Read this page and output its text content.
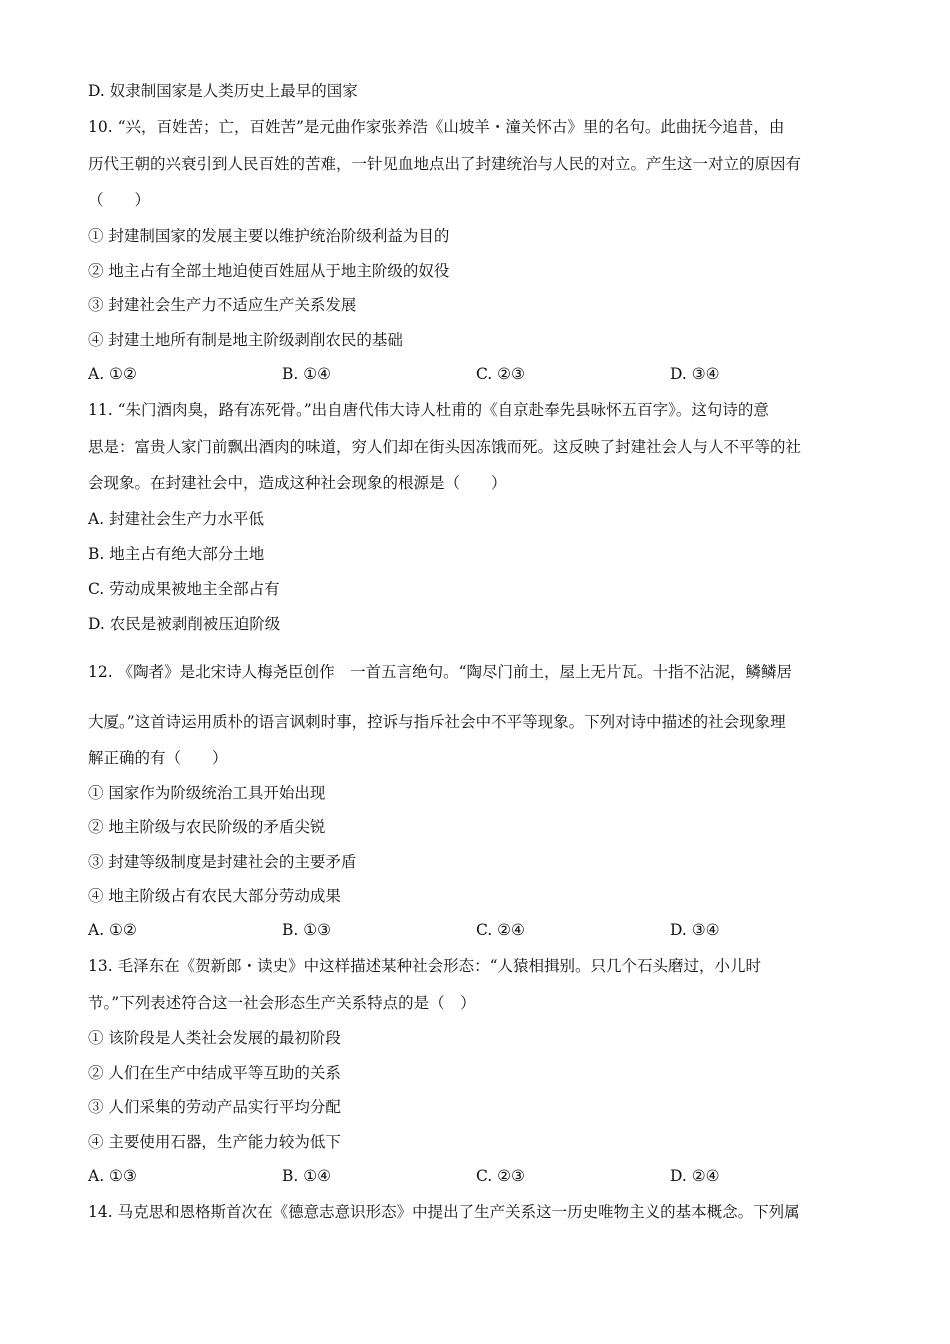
D. 奴隶制国家是人类历史上最早的国家
10. “兴，百姓苦；亡，百姓苦”是元曲作家张养浩《山坡羊・潼关怀古》里的名句。此曲抚今追昔，由
历代王朝的兴衰引到人民百姓的苦难，一针见血地点出了封建统治与人民的对立。产生这一对立的原因有
（　　）
① 封建制国家的发展主要以维护统治阶级利益为目的
② 地主占有全部土地迫使百姓屈从于地主阶级的奴役
③ 封建社会生产力不适应生产关系发展
④ 封建土地所有制是地主阶级剥削农民的基础
A. ①②	B. ①④	C. ②③	D. ③④
11. “朱门酒肉臭，路有冻死骨。”出自唐代伟大诗人杜甫的《自京赴奉先县咏怀五百字》。这句诗的意
思是：富贵人家门前飘出酒肉的味道，穷人们却在街头因冻饿而死。这反映了封建社会人与人不平等的社
会现象。在封建社会中，造成这种社会现象的根源是（　　）
A. 封建社会生产力水平低
B. 地主占有绝大部分土地
C. 劳动成果被地主全部占有
D. 农民是被剥削被压迫阶级
12. 《陶者》是北宋诗人梅尧臣创作　一首五言绝句。“陶尽门前土，屋上无片瓦。十指不沾泥，鳞鳞居
大厦。”这首诗运用质朴的语言讽刺时事，控诉与指斥社会中不平等现象。下列对诗中描述的社会现象理
解正确的有（　　）
① 国家作为阶级统治工具开始出现
② 地主阶级与农民阶级的矛盾尖锐
③ 封建等级制度是封建社会的主要矛盾
④ 地主阶级占有农民大部分劳动成果
A. ①②	B. ①③	C. ②④	D. ③④
13. 毛泽东在《贺新郎・读史》中这样描述某种社会形态：“人猿相揖别。只几个石头磨过，小儿时
节。”下列表述符合这一社会形态生产关系特点的是（　）
① 该阶段是人类社会发展的最初阶段
② 人们在生产中结成平等互助的关系
③ 人们采集的劳动产品实行平均分配
④ 主要使用石器，生产能力较为低下
A. ①③	B. ①④	C. ②③	D. ②④
14. 马克思和恩格斯首次在《德意志意识形态》中提出了生产关系这一历史唯物主义的基本概念。下列属
